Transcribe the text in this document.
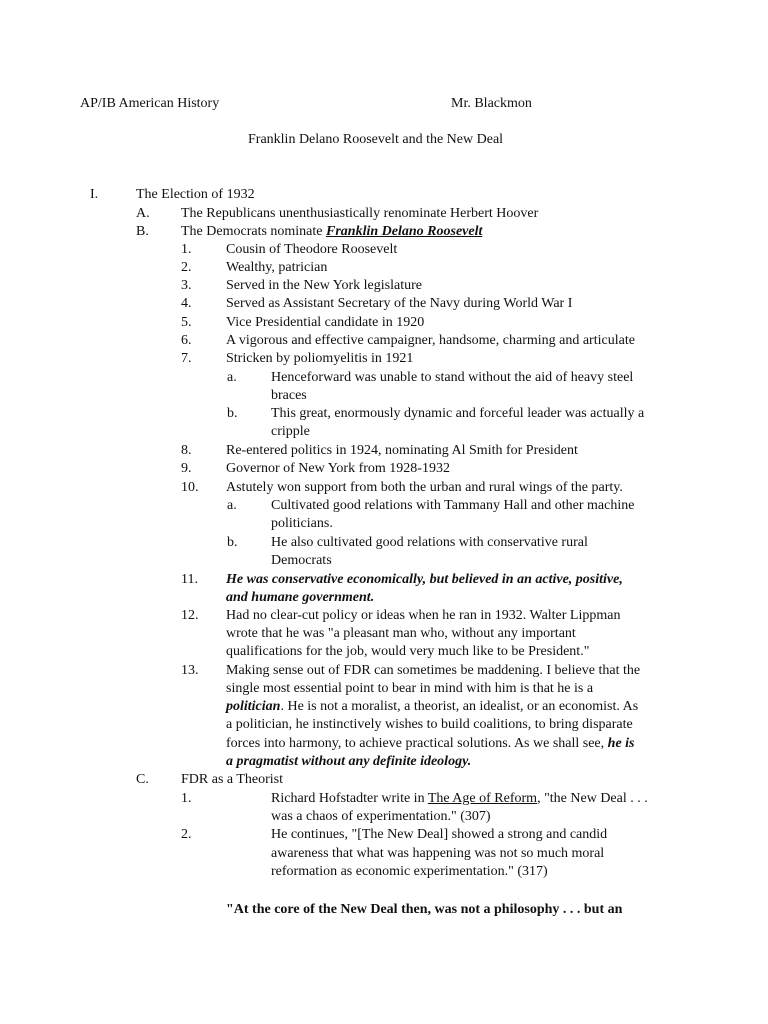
AP/IB American History	Mr. Blackmon
Franklin Delano Roosevelt and the New Deal
I.	The Election of 1932
A. The Republicans unenthusiastically renominate Herbert Hoover
B. The Democrats nominate Franklin Delano Roosevelt
1. Cousin of Theodore Roosevelt
2. Wealthy, patrician
3. Served in the New York legislature
4. Served as Assistant Secretary of the Navy during World War I
5. Vice Presidential candidate in 1920
6. A vigorous and effective campaigner, handsome, charming and articulate
7. Stricken by poliomyelitis in 1921
a. Henceforward was unable to stand without the aid of heavy steel
braces
b. This great, enormously dynamic and forceful leader was actually a
cripple
8. Re-entered politics in 1924, nominating Al Smith for President
9. Governor of New York from 1928-1932
10. Astutely won support from both the urban and rural wings of the party.
a. Cultivated good relations with Tammany Hall and other machine
politicians.
b. He also cultivated good relations with conservative rural
Democrats
11. He was conservative economically, but believed in an active, positive,
and humane government.
12. Had no clear-cut policy or ideas when he ran in 1932. Walter Lippman
wrote that he was "a pleasant man who, without any important
qualifications for the job, would very much like to be President."
13. Making sense out of FDR can sometimes be maddening. I believe that the
single most essential point to bear in mind with him is that he is a
politician. He is not a moralist, a theorist, an idealist, or an economist. As
a politician, he instinctively wishes to build coalitions, to bring disparate
forces into harmony, to achieve practical solutions. As we shall see, he is
a pragmatist without any definite ideology.
C. FDR as a Theorist
1.	Richard Hofstadter write in The Age of Reform, "the New Deal . . .
was a chaos of experimentation." (307)
2.	He continues, "[The New Deal] showed a strong and candid
awareness that what was happening was not so much moral
reformation as economic experimentation." (317)
"At the core of the New Deal then, was not a philosophy . . . but an
